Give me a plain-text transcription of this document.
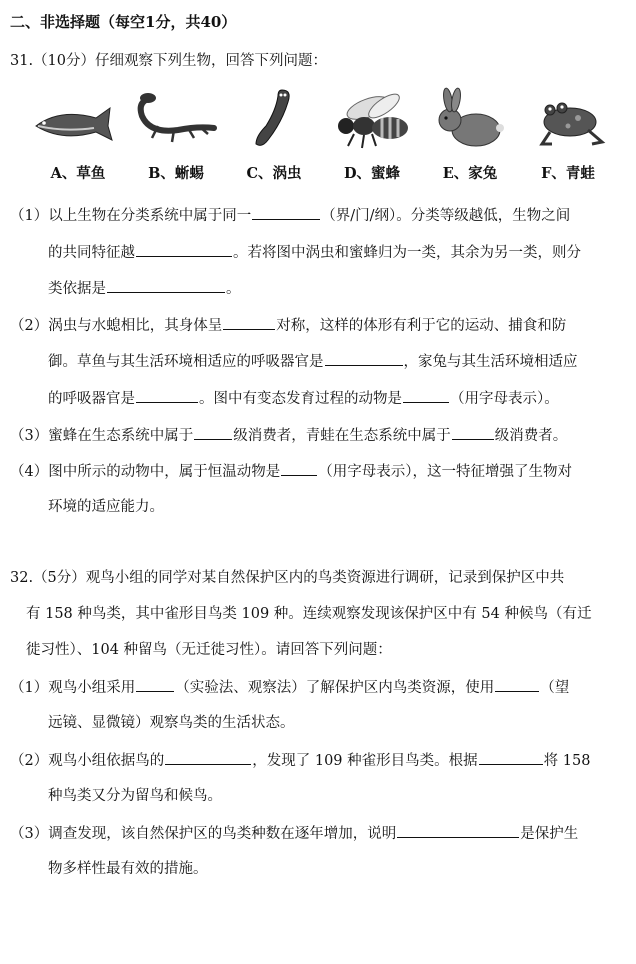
二、非选择题（每空1分，共40）
31.（10分）仔细观察下列生物，回答下列问题：
A、草鱼	B、蜥蜴	C、涡虫	D、蜜蜂	E、家兔	F、青蛙
（1）以上生物在分类系统中属于同一	（界/门/纲）。分类等级越低，生物之间
的共同特征越	。若将图中涡虫和蜜蜂归为一类，其余为另一类，则分
类依据是	。
（2）涡虫与水螅相比，其身体呈	对称，这样的体形有利于它的运动、捕食和防
御。草鱼与其生活环境相适应的呼吸器官是	，家兔与其生活环境相适应
的呼吸器官是	。图中有变态发育过程的动物是	（用字母表示）。
（3）蜜蜂在生态系统中属于	级消费者，青蛙在生态系统中属于	级消费者。
（4）图中所示的动物中，属于恒温动物是	（用字母表示），这一特征增强了生物对
环境的适应能力。
32.（5分）观鸟小组的同学对某自然保护区内的鸟类资源进行调研，记录到保护区中共
有 158 种鸟类，其中雀形目鸟类 109 种。连续观察发现该保护区中有 54 种候鸟（有迁
徙习性）、104 种留鸟（无迁徙习性）。请回答下列问题：
（1）观鸟小组采用	（实验法、观察法）了解保护区内鸟类资源，使用	（望
远镜、显微镜）观察鸟类的生活状态。
（2）观鸟小组依据鸟的	，发现了 109 种雀形目鸟类。根据	将 158
种鸟类又分为留鸟和候鸟。
（3）调查发现，该自然保护区的鸟类种数在逐年增加，说明	是保护生
物多样性最有效的措施。
